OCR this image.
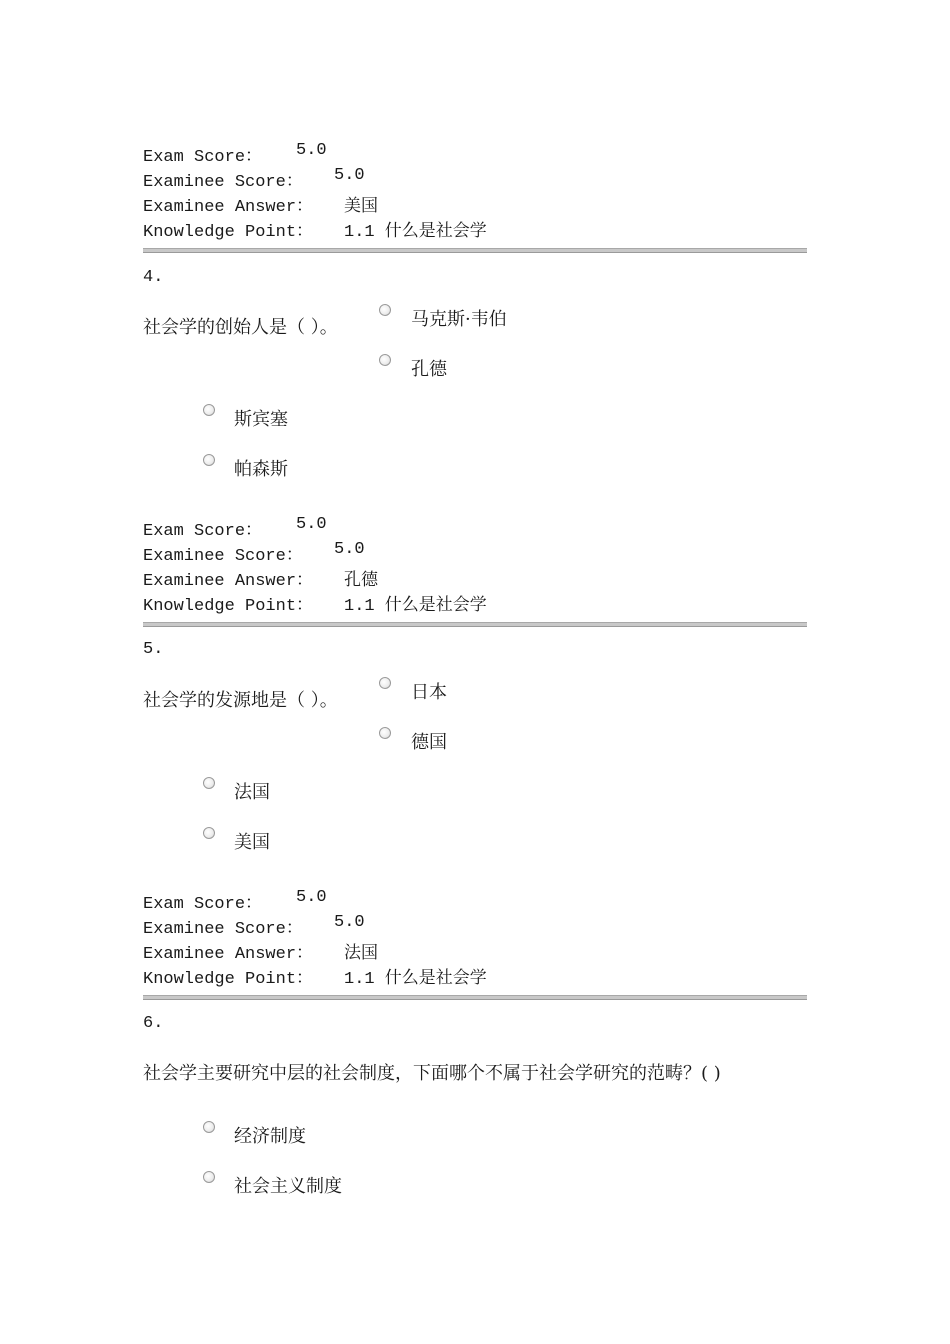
Exam Score： 5.0
Examinee Score： 5.0
Examinee Answer： 美国
Knowledge Point： 1.1 什么是社会学
4.
社会学的创始人是（ ）。	马克斯·韦伯
孔德
斯宾塞
帕森斯
Exam Score： 5.0
Examinee Score： 5.0
Examinee Answer： 孔德
Knowledge Point： 1.1 什么是社会学
5.
社会学的发源地是（ ）。	日本
德国
法国
美国
Exam Score： 5.0
Examinee Score： 5.0
Examinee Answer： 法国
Knowledge Point： 1.1 什么是社会学
6.
社会学主要研究中层的社会制度，下面哪个不属于社会学研究的范畴？( )
经济制度
社会主义制度
